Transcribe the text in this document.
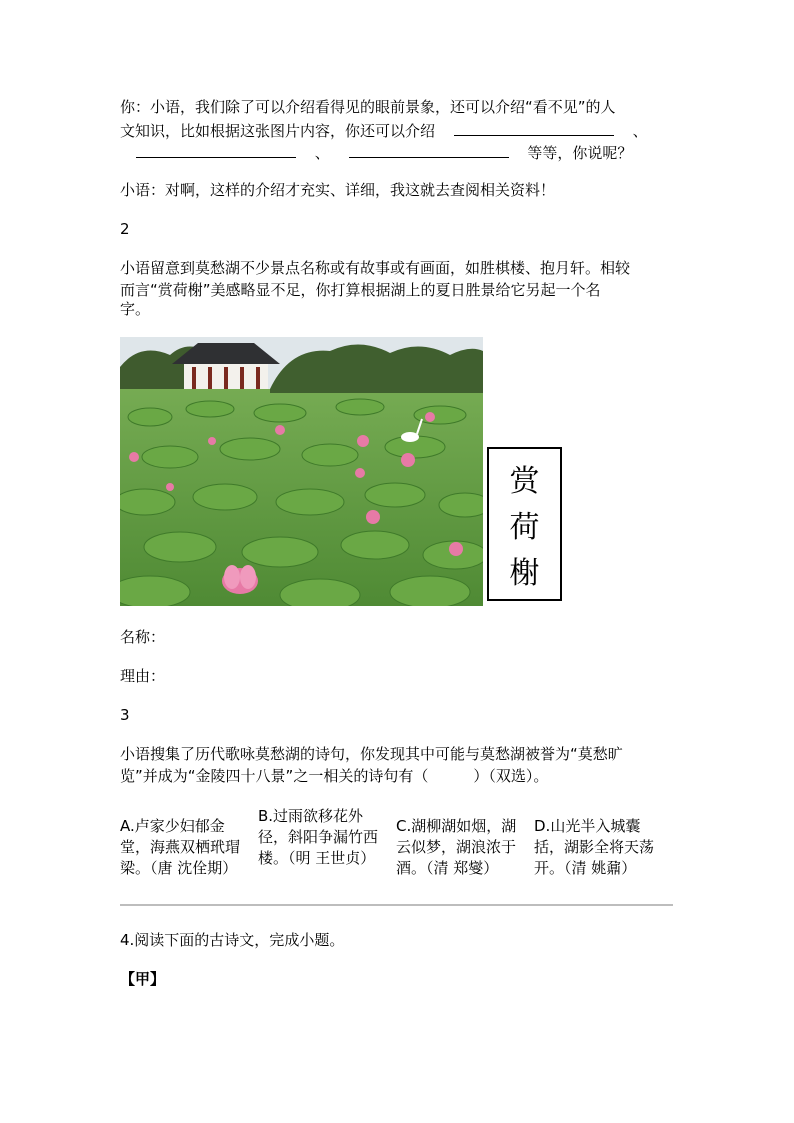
你：小语，我们除了可以介绍看得见的眼前景象，还可以介绍“看不见”的人
文知识，比如根据这张图片内容，你还可以介绍	、
、	等等，你说呢？
小语：对啊，这样的介绍才充实、详细，我这就去查阅相关资料！
2
小语留意到莫愁湖不少景点名称或有故事或有画面，如胜棋楼、抱月轩。相较
而言“赏荷榭”美感略显不足，你打算根据湖上的夏日胜景给它另起一个名
字。
赏
荷
榭
名称：
理由：
3
小语搜集了历代歌咏莫愁湖的诗句，你发现其中可能与莫愁湖被誉为“莫愁旷
览”并成为“金陵四十八景”之一相关的诗句有（　　　）（双选）。
A.卢家少妇郁金堂，海燕双栖玳瑁梁。（唐 沈佺期）
B.过雨欲移花外径，斜阳争漏竹西楼。（明 王世贞）
C.湖柳湖如烟，湖云似梦，湖浪浓于酒。（清 郑燮）
D.山光半入城囊括，湖影全将天荡开。（清 姚鼐）
4.阅读下面的古诗文，完成小题。
【甲】
